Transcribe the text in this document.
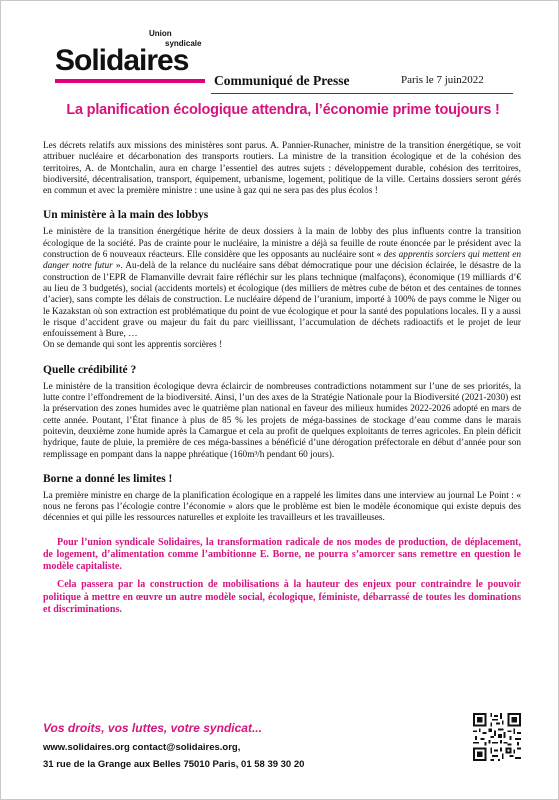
Union
syndicale
Solidaires
Communiqué de Presse	Paris le 7 juin2022
La planification écologique attendra, l’économie prime toujours !

Les décrets relatifs aux missions des ministères sont parus. A. Pannier-Runacher, ministre de la transition énergétique, se voit attribuer nucléaire et décarbonation des transports routiers. La ministre de la transition écologique et de la cohésion des territoires, A. de Montchalin, aura en charge l’essentiel des autres sujets : développement durable, cohésion des territoires, biodiversité, décentralisation, transport, équipement, urbanisme, logement, politique de la ville. Certains dossiers seront gérés en commun et avec la première ministre : une usine à gaz qui ne sera pas des plus écolos !

Un ministère à la main des lobbys

Le ministère de la transition énergétique hérite de deux dossiers à la main de lobby des plus influents contre la transition écologique de la société. Pas de crainte pour le nucléaire, la ministre a déjà sa feuille de route énoncée par le président avec la construction de 6 nouveaux réacteurs. Elle considère que les opposants au nucléaire sont « des apprentis sorciers qui mettent en danger notre futur ». Au-delà de la relance du nucléaire sans débat démocratique pour une décision éclairée, le désastre de la construction de l’EPR de Flamanville devrait faire réfléchir sur les plans technique (malfaçons), économique (19 milliards d’€ au lieu de 3 budgetés), social (accidents mortels) et écologique (des milliers de mètres cube de béton et des centaines de tonnes d’acier), sans compte les délais de construction. Le nucléaire dépend de l’uranium, importé à 100% de pays comme le Niger ou le Kazakstan où son extraction est problématique du point de vue écologique et pour la santé des populations locales. Il y a aussi le risque d’accident grave ou majeur du fait du parc vieillissant, l’accumulation de déchets radioactifs et le projet de leur enfouissement à Bure, …

On se demande qui sont les apprentis sorcières !

Quelle crédibilité ?

Le ministère de la transition écologique devra éclaircir de nombreuses contradictions notamment sur l’une de ses priorités, la lutte contre l’effondrement de la biodiversité. Ainsi, l’un des axes de la Stratégie Nationale pour la Biodiversité (2021-2030) est la préservation des zones humides avec le quatrième plan national en faveur des milieux humides 2022-2026 adopté en mars de cette année. Poutant, l’État finance à plus de 85 % les projets de méga-bassines de stockage d’eau comme dans le marais poitevin, deuxième zone humide après la Camargue et cela au profit de quelques exploitants de terres agricoles. En plein déficit hydrique, faute de pluie, la première de ces méga-bassines a bénéficié d’une dérogation préfectorale en début d’année pour son remplissage en pompant dans la nappe phréatique (160m³/h pendant 60 jours).

Borne a donné les limites !

La première ministre en charge de la planification écologique en a rappelé les limites dans une interview au journal Le Point : « nous ne ferons pas l’écologie contre l’économie » alors que le problème est bien le modèle économique qui existe depuis des décennies et qui pille les ressources naturelles et exploite les travailleurs et les travailleuses.

Pour l’union syndicale Solidaires, la transformation radicale de nos modes de production, de déplacement, de logement, d’alimentation comme l’ambitionne E. Borne, ne pourra s’amorcer sans remettre en question le modèle capitaliste.

Cela passera par la construction de mobilisations à la hauteur des enjeux pour contraindre le pouvoir politique à mettre en œuvre un autre modèle social, écologique, féministe, débarrassé de toutes les dominations et discriminations.

Vos droits, vos luttes, votre syndicat...
www.solidaires.org contact@solidaires.org,
31 rue de la Grange aux Belles 75010 Paris, 01 58 39 30 20
